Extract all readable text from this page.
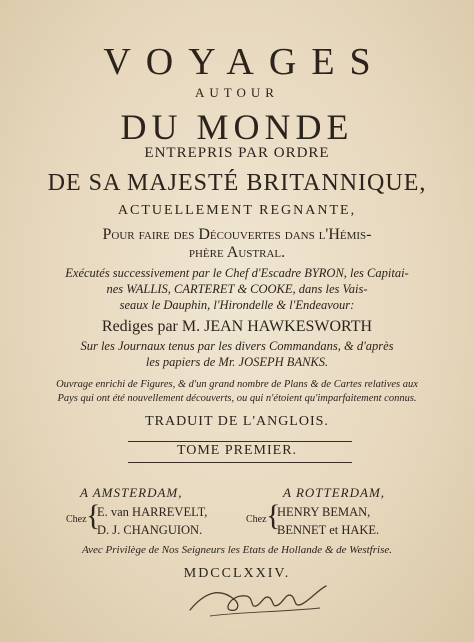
VOYAGES
AUTOUR
DU MONDE
ENTREPRIS PAR ORDRE
DE SA MAJESTÉ BRITANNIQUE,
ACTUELLEMENT REGNANTE,
Pour faire des Découvertes dans l'Hémis-
phère Austral.
Exécutés successivement par le Chef d'Escadre BYRON, les Capitai-
nes WALLIS, CARTERET & COOKE, dans les Vais-
seaux le Dauphin, l'Hirondelle & l'Endeavour:
Rediges par M. JEAN HAWKESWORTH
Sur les Journaux tenus par les divers Commandans, & d'après
les papiers de Mr. JOSEPH BANKS.
Ouvrage enrichi de Figures, & d'un grand nombre de Plans & de Cartes relatives aux
Pays qui ont été nouvellement découverts, ou qui n'étoient qu'imparfaitement connus.
TRADUIT DE L'ANGLOIS.
TOME PREMIER.
A AMSTERDAM,	A ROTTERDAM,
Chez {
E. van HARREVELT,
D. J. CHANGUION.
Chez {
HENRY BEMAN,
BENNET et HAKE.
Avec Privilège de Nos Seigneurs les Etats de Hollande & de Westfrise.
MDCCLXXIV.
